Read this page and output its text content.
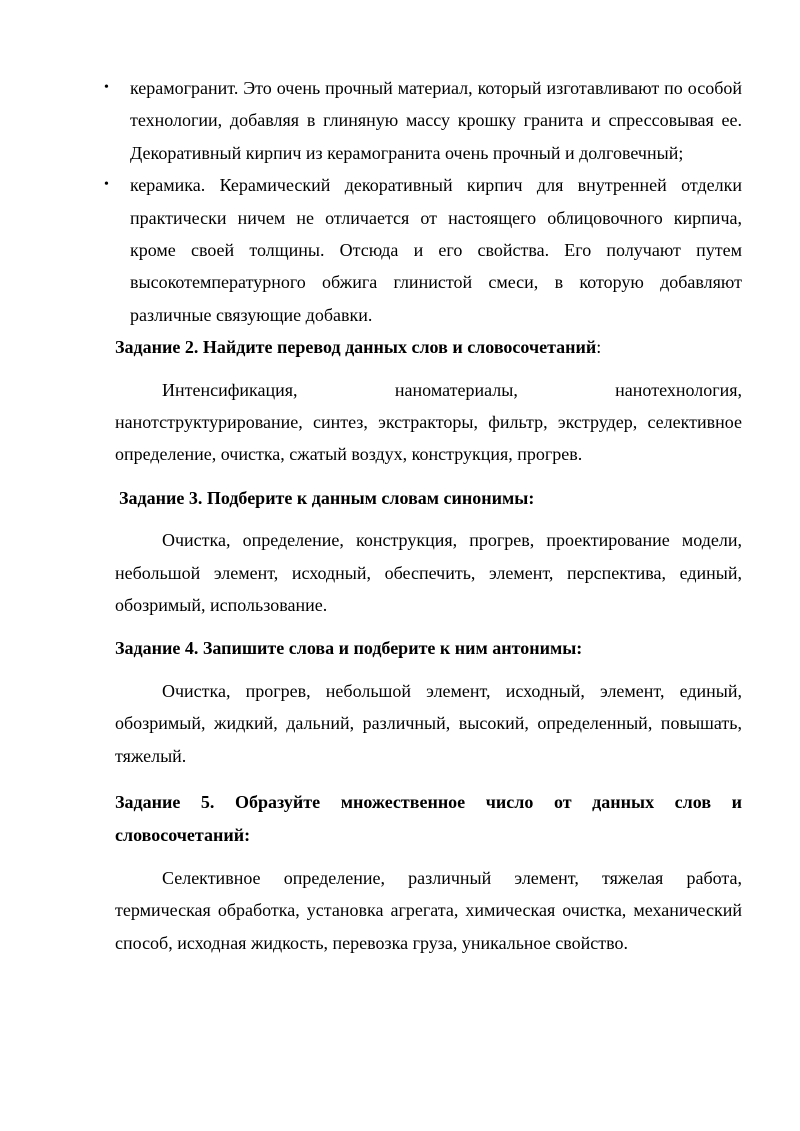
• керамогранит. Это очень прочный материал, который изготавливают по особой технологии, добавляя в глиняную массу крошку гранита и спрессовывая ее. Декоративный кирпич из керамогранита очень прочный и долговечный;
• керамика. Керамический декоративный кирпич для внутренней отделки практически ничем не отличается от настоящего облицовочного кирпича, кроме своей толщины. Отсюда и его свойства. Его получают путем высокотемпературного обжига глинистой смеси, в которую добавляют различные связующие добавки.

Задание 2. Найдите перевод данных слов и словосочетаний:

Интенсификация, наноматериалы, нанотехнология, нанотструктурирование, синтез, экстракторы, фильтр, экструдер, селективное определение, очистка, сжатый воздух, конструкция, прогрев.

Задание 3. Подберите к данным словам синонимы:

Очистка, определение, конструкция, прогрев, проектирование модели, небольшой элемент, исходный, обеспечить, элемент, перспектива, единый, обозримый, использование.

Задание 4. Запишите слова и подберите к ним антонимы:

Очистка, прогрев, небольшой элемент, исходный, элемент, единый, обозримый, жидкий, дальний, различный, высокий, определенный, повышать, тяжелый.

Задание 5. Образуйте множественное число от данных слов и словосочетаний:

Селективное определение, различный элемент, тяжелая работа, термическая обработка, установка агрегата, химическая очистка, механический способ, исходная жидкость, перевозка груза, уникальное свойство.
